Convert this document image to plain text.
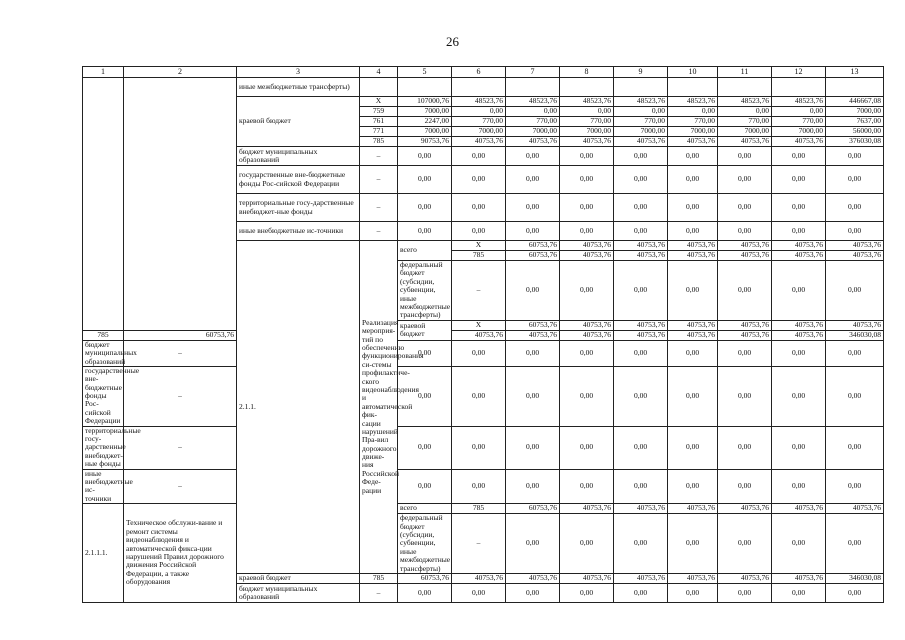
26
1	2	3	4	5	6	7	8	9	10	11	12	13	
		иные межбюджетные трансферты)											
		краевой бюджет	X	107000,76	48523,76	48523,76	48523,76	48523,76	48523,76	48523,76	48523,76	446667,08	
			759	7000,00	0,00	0,00	0,00	0,00	0,00	0,00	0,00	7000,00	
			761	2247,00	770,00	770,00	770,00	770,00	770,00	770,00	770,00	7637,00	
			771	7000,00	7000,00	7000,00	7000,00	7000,00	7000,00	7000,00	7000,00	56000,00	
			785	90753,76	40753,76	40753,76	40753,76	40753,76	40753,76	40753,76	40753,76	376030,08	
		бюджет муниципальных образований	–	0,00	0,00	0,00	0,00	0,00	0,00	0,00	0,00	0,00	
		государственные вне-бюджетные фонды Рос-сийской Федерации	–	0,00	0,00	0,00	0,00	0,00	0,00	0,00	0,00	0,00	
		территориальные госу-дарственные внебюджет-ные фонды	–	0,00	0,00	0,00	0,00	0,00	0,00	0,00	0,00	0,00	
		иные внебюджетные ис-точники	–	0,00	0,00	0,00	0,00	0,00	0,00	0,00	0,00	0,00	
		2.1.1.	Реализация мероприя-тий по обеспечению функционирования си-стемы профилактиче-ского видеонаблюдения и автоматической фик-сации нарушений Пра-вил дорожного движе-ния Российской Феде-рации	всего	X	60753,76	40753,76	40753,76	40753,76	40753,76	40753,76	40753,76		
					785	60753,76	40753,76	40753,76	40753,76	40753,76	40753,76	40753,76		
				федеральный бюджет (субсидии, субвенции, иные межбюджетные трансферты)	–	0,00	0,00	0,00	0,00	0,00	0,00	0,00		
				краевой бюджет	X	60753,76	40753,76	40753,76	40753,76	40753,76	40753,76	40753,76		
785	60753,76				40753,76	40753,76	40753,76	40753,76	40753,76	40753,76	40753,76	346030,08	
бюджет муниципальных образований	–			0,00	0,00	0,00	0,00	0,00	0,00	0,00	0,00	0,00	
государственные вне-бюджетные фонды Рос-сийской Федерации	–			0,00	0,00	0,00	0,00	0,00	0,00	0,00	0,00	0,00	
территориальные госу-дарственные внебюджет-ные фонды	–			0,00	0,00	0,00	0,00	0,00	0,00	0,00	0,00	0,00	
иные внебюджетные ис-точники	–			0,00	0,00	0,00	0,00	0,00	0,00	0,00	0,00	0,00	
2.1.1.1.	Техническое обслужи-вание и ремонт системы видеонаблюдения и автоматической фикса-ции нарушений Правил дорожного движения Российской Федерации, а также оборудования			всего	785	60753,76	40753,76	40753,76	40753,76	40753,76	40753,76	40753,76		
				федеральный бюджет (субсидии, субвенции, иные межбюджетные трансферты)	–	0,00	0,00	0,00	0,00	0,00	0,00	0,00		
		краевой бюджет	785	60753,76	40753,76	40753,76	40753,76	40753,76	40753,76	40753,76	40753,76	346030,08	
		бюджет муниципальных образований	–	0,00	0,00	0,00	0,00	0,00	0,00	0,00	0,00	0,00	
